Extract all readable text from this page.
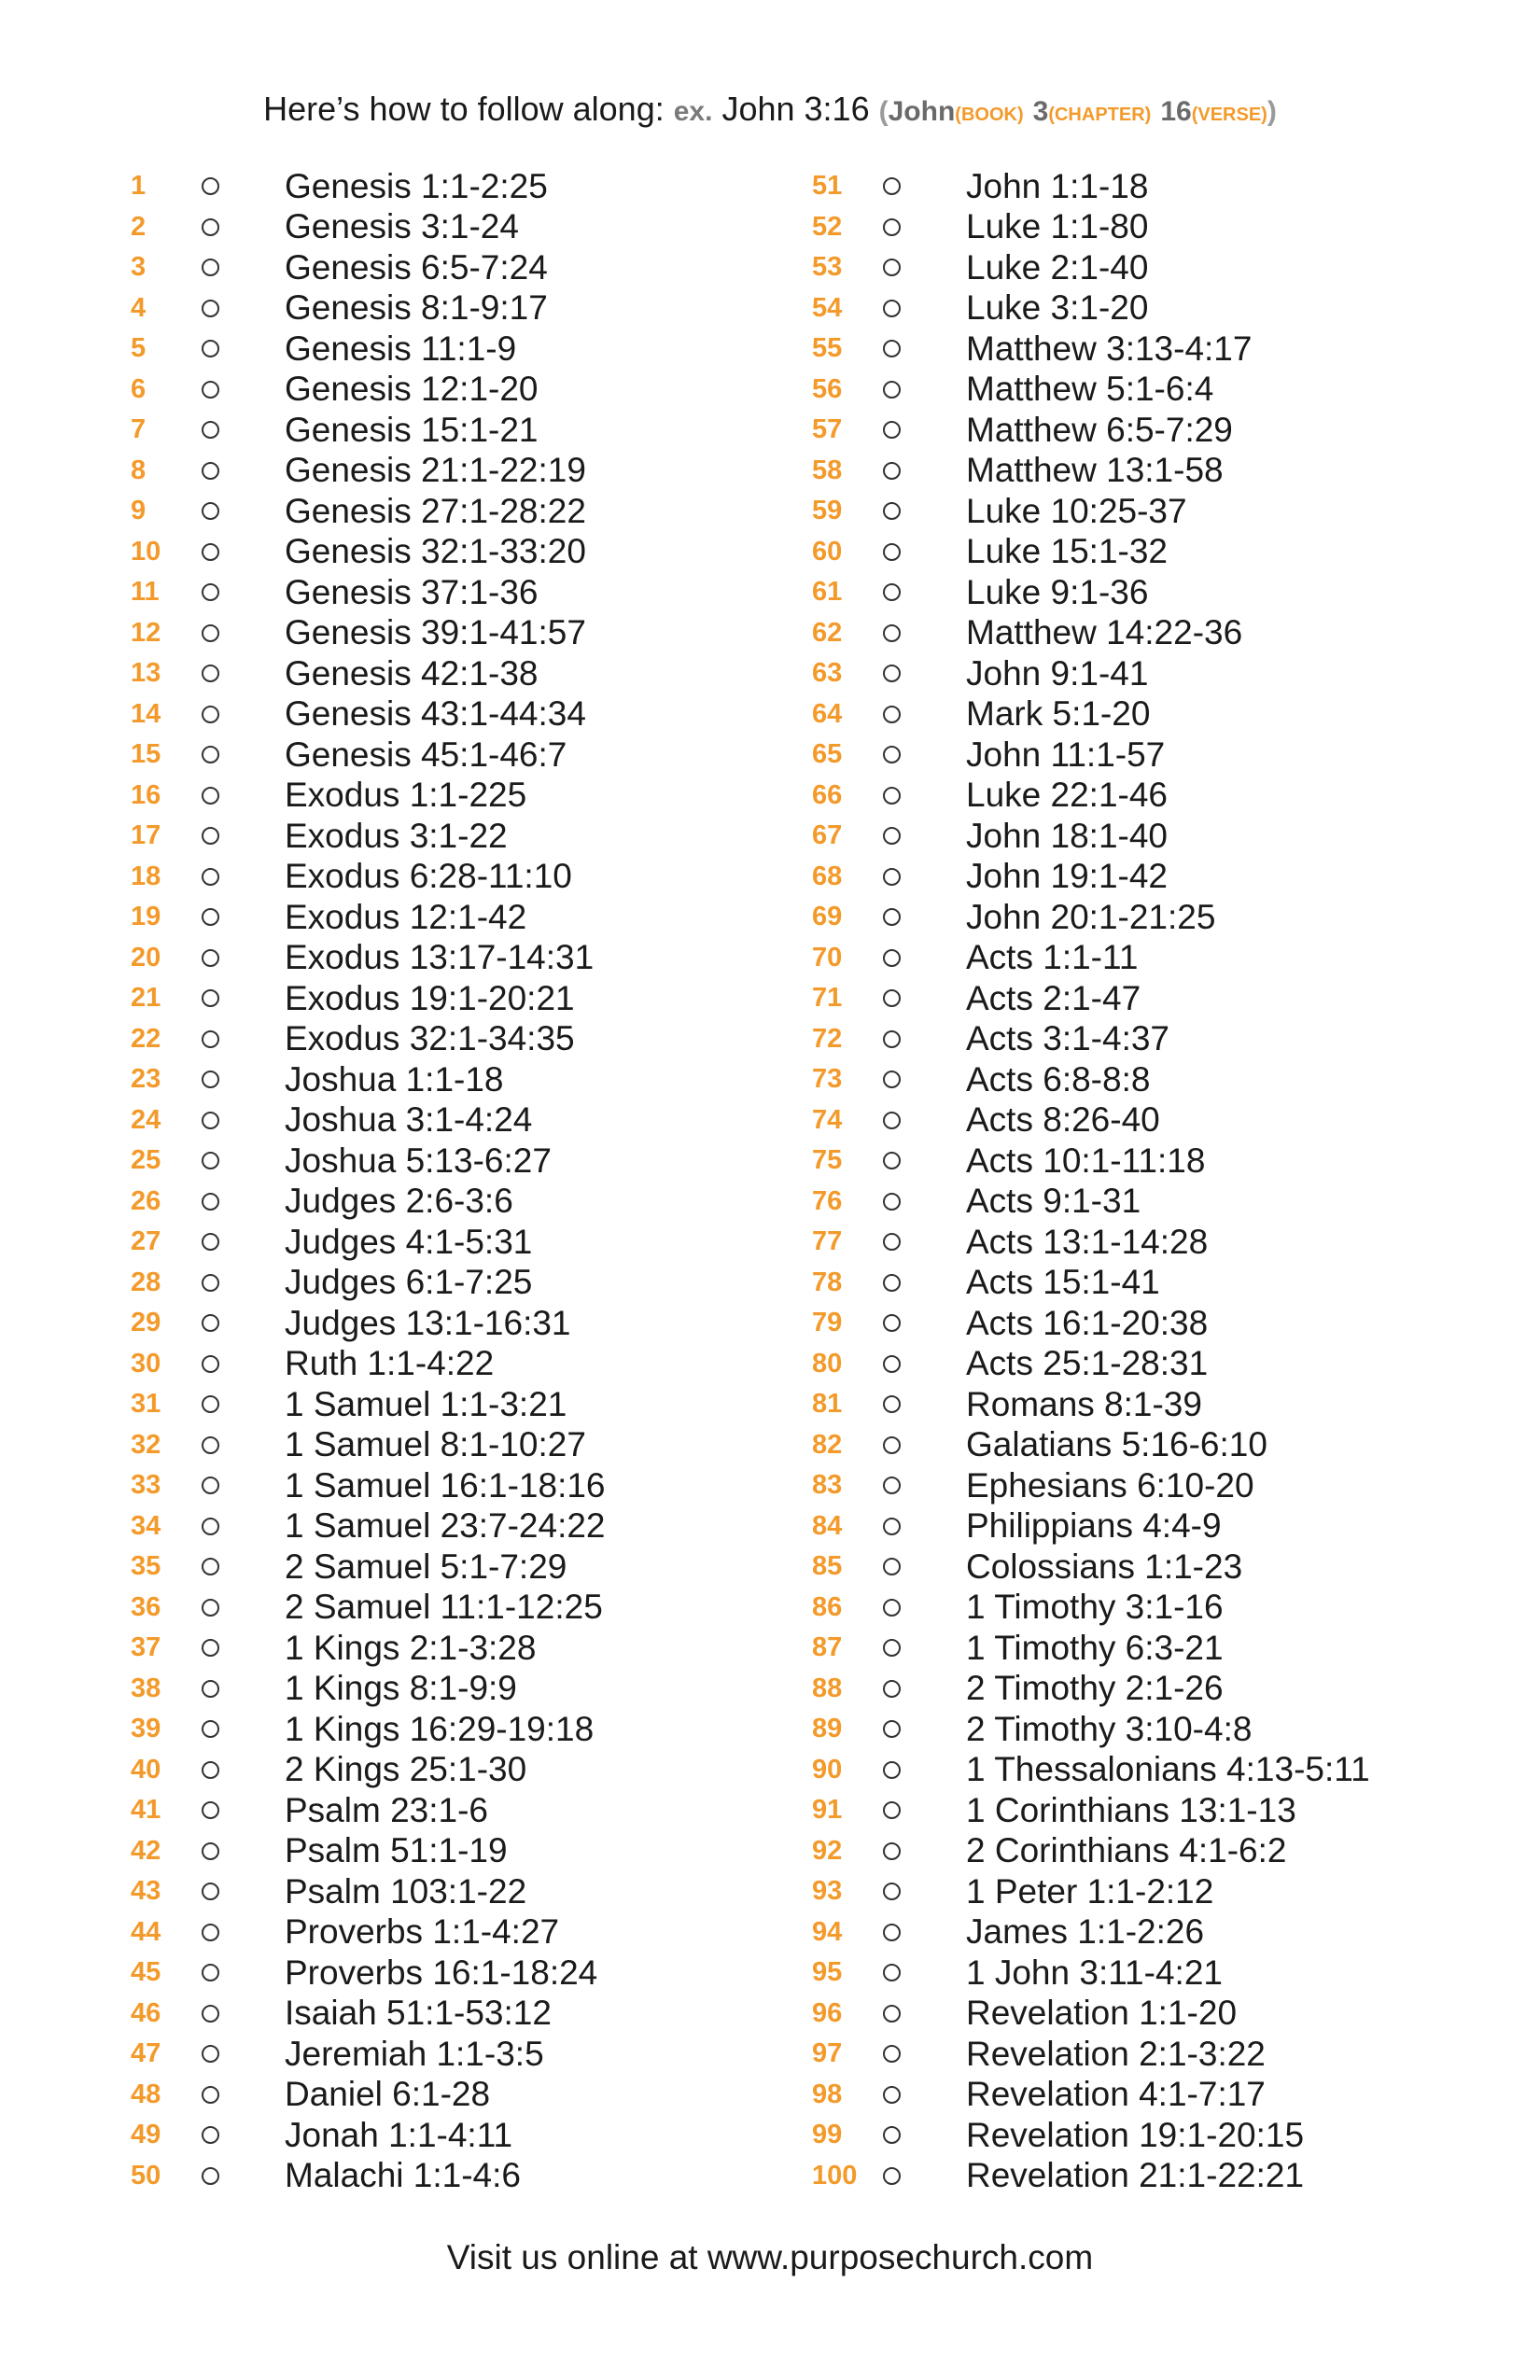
Here’s how to follow along: ex. John 3:16 (John(BOOK) 3(CHAPTER) 16(VERSE))
1	Genesis 1:1-2:25
2	Genesis 3:1-24
3	Genesis 6:5-7:24
4	Genesis 8:1-9:17
5	Genesis 11:1-9
6	Genesis 12:1-20
7	Genesis 15:1-21
8	Genesis 21:1-22:19
9	Genesis 27:1-28:22
10	Genesis 32:1-33:20
11	Genesis 37:1-36
12	Genesis 39:1-41:57
13	Genesis 42:1-38
14	Genesis 43:1-44:34
15	Genesis 45:1-46:7
16	Exodus 1:1-225
17	Exodus 3:1-22
18	Exodus 6:28-11:10
19	Exodus 12:1-42
20	Exodus 13:17-14:31
21	Exodus 19:1-20:21
22	Exodus 32:1-34:35
23	Joshua 1:1-18
24	Joshua 3:1-4:24
25	Joshua 5:13-6:27
26	Judges 2:6-3:6
27	Judges 4:1-5:31
28	Judges 6:1-7:25
29	Judges 13:1-16:31
30	Ruth 1:1-4:22
31	1 Samuel 1:1-3:21
32	1 Samuel 8:1-10:27
33	1 Samuel 16:1-18:16
34	1 Samuel 23:7-24:22
35	2 Samuel 5:1-7:29
36	2 Samuel 11:1-12:25
37	1 Kings 2:1-3:28
38	1 Kings 8:1-9:9
39	1 Kings 16:29-19:18
40	2 Kings 25:1-30
41	Psalm 23:1-6
42	Psalm 51:1-19
43	Psalm 103:1-22
44	Proverbs 1:1-4:27
45	Proverbs 16:1-18:24
46	Isaiah 51:1-53:12
47	Jeremiah 1:1-3:5
48	Daniel 6:1-28
49	Jonah 1:1-4:11
50	Malachi 1:1-4:6
51	John 1:1-18
52	Luke 1:1-80
53	Luke 2:1-40
54	Luke 3:1-20
55	Matthew 3:13-4:17
56	Matthew 5:1-6:4
57	Matthew 6:5-7:29
58	Matthew 13:1-58
59	Luke 10:25-37
60	Luke 15:1-32
61	Luke 9:1-36
62	Matthew 14:22-36
63	John 9:1-41
64	Mark 5:1-20
65	John 11:1-57
66	Luke 22:1-46
67	John 18:1-40
68	John 19:1-42
69	John 20:1-21:25
70	Acts 1:1-11
71	Acts 2:1-47
72	Acts 3:1-4:37
73	Acts 6:8-8:8
74	Acts 8:26-40
75	Acts 10:1-11:18
76	Acts 9:1-31
77	Acts 13:1-14:28
78	Acts 15:1-41
79	Acts 16:1-20:38
80	Acts 25:1-28:31
81	Romans 8:1-39
82	Galatians 5:16-6:10
83	Ephesians 6:10-20
84	Philippians 4:4-9
85	Colossians 1:1-23
86	1 Timothy 3:1-16
87	1 Timothy 6:3-21
88	2 Timothy 2:1-26
89	2 Timothy 3:10-4:8
90	1 Thessalonians 4:13-5:11
91	1 Corinthians 13:1-13
92	2 Corinthians 4:1-6:2
93	1 Peter 1:1-2:12
94	James 1:1-2:26
95	1 John 3:11-4:21
96	Revelation 1:1-20
97	Revelation 2:1-3:22
98	Revelation 4:1-7:17
99	Revelation 19:1-20:15
100	Revelation 21:1-22:21
Visit us online at www.purposechurch.com
